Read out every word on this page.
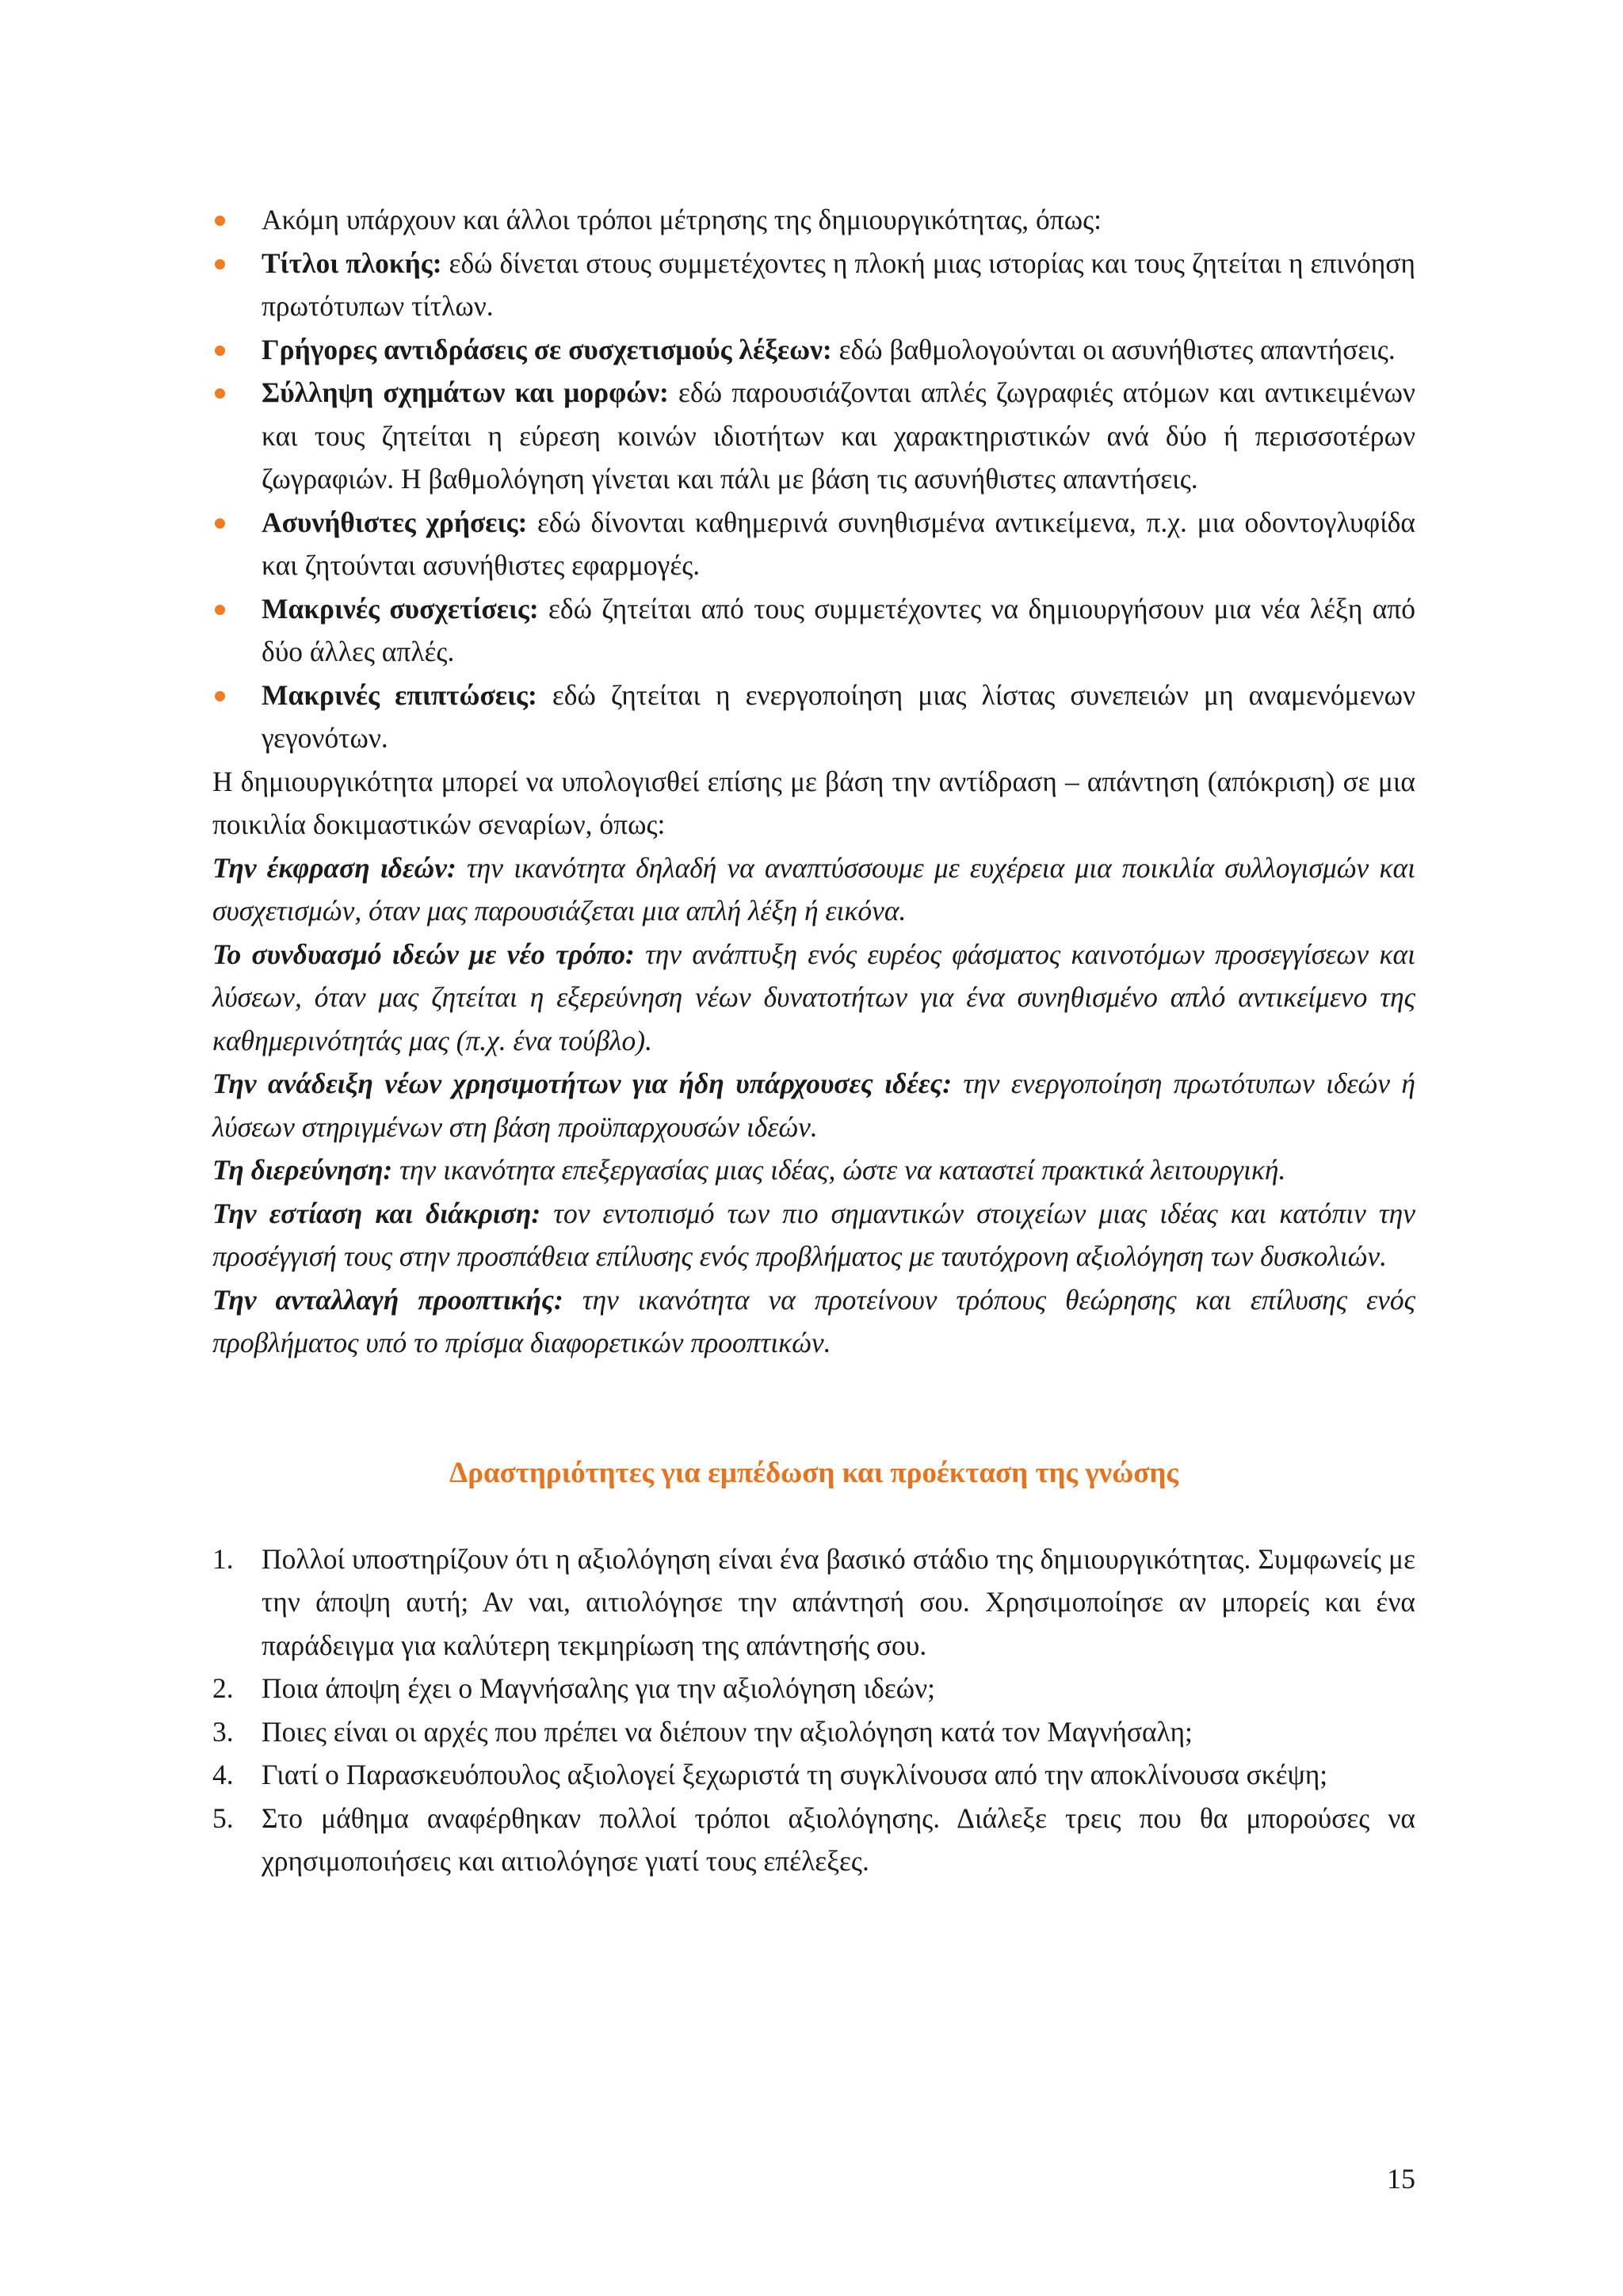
Ακόμη υπάρχουν και άλλοι τρόποι μέτρησης της δημιουργικότητας, όπως:
Τίτλοι πλοκής: εδώ δίνεται στους συμμετέχοντες η πλοκή μιας ιστορίας και τους ζητείται η επινόηση πρωτότυπων τίτλων.
Γρήγορες αντιδράσεις σε συσχετισμούς λέξεων: εδώ βαθμολογούνται οι ασυνήθιστες απαντήσεις.
Σύλληψη σχημάτων και μορφών: εδώ παρουσιάζονται απλές ζωγραφιές ατόμων και αντικειμένων και τους ζητείται η εύρεση κοινών ιδιοτήτων και χαρακτηριστικών ανά δύο ή περισσοτέρων ζωγραφιών. Η βαθμολόγηση γίνεται και πάλι με βάση τις ασυνήθιστες απαντήσεις.
Ασυνήθιστες χρήσεις: εδώ δίνονται καθημερινά συνηθισμένα αντικείμενα, π.χ. μια οδοντογλυφίδα και ζητούνται ασυνήθιστες εφαρμογές.
Μακρινές συσχετίσεις: εδώ ζητείται από τους συμμετέχοντες να δημιουργήσουν μια νέα λέξη από δύο άλλες απλές.
Μακρινές επιπτώσεις: εδώ ζητείται η ενεργοποίηση μιας λίστας συνεπειών μη αναμενόμενων γεγονότων.

Η δημιουργικότητα μπορεί να υπολογισθεί επίσης με βάση την αντίδραση – απάντηση (απόκριση) σε μια ποικιλία δοκιμαστικών σεναρίων, όπως:

Την έκφραση ιδεών: την ικανότητα δηλαδή να αναπτύσσουμε με ευχέρεια μια ποικιλία συλλογισμών και συσχετισμών, όταν μας παρουσιάζεται μια απλή λέξη ή εικόνα.

Το συνδυασμό ιδεών με νέο τρόπο: την ανάπτυξη ενός ευρέος φάσματος καινοτόμων προσεγγίσεων και λύσεων, όταν μας ζητείται η εξερεύνηση νέων δυνατοτήτων για ένα συνηθισμένο απλό αντικείμενο της καθημερινότητάς μας (π.χ. ένα τούβλο).

Την ανάδειξη νέων χρησιμοτήτων για ήδη υπάρχουσες ιδέες: την ενεργοποίηση πρωτότυπων ιδεών ή λύσεων στηριγμένων στη βάση προϋπαρχουσών ιδεών.

Τη διερεύνηση: την ικανότητα επεξεργασίας μιας ιδέας, ώστε να καταστεί πρακτικά λειτουργική.

Την εστίαση και διάκριση: τον εντοπισμό των πιο σημαντικών στοιχείων μιας ιδέας και κατόπιν την προσέγγισή τους στην προσπάθεια επίλυσης ενός προβλήματος με ταυτόχρονη αξιολόγηση των δυσκολιών.

Την ανταλλαγή προοπτικής: την ικανότητα να προτείνουν τρόπους θεώρησης και επίλυσης ενός προβλήματος υπό το πρίσμα διαφορετικών προοπτικών.

Δραστηριότητες για εμπέδωση και προέκταση της γνώσης
1. Πολλοί υποστηρίζουν ότι η αξιολόγηση είναι ένα βασικό στάδιο της δημιουργικότητας. Συμφωνείς με την άποψη αυτή; Αν ναι, αιτιολόγησε την απάντησή σου. Χρησιμοποίησε αν μπορείς και ένα παράδειγμα για καλύτερη τεκμηρίωση της απάντησής σου.
2. Ποια άποψη έχει ο Μαγνήσαλης για την αξιολόγηση ιδεών;
3. Ποιες είναι οι αρχές που πρέπει να διέπουν την αξιολόγηση κατά τον Μαγνήσαλη;
4. Γιατί ο Παρασκευόπουλος αξιολογεί ξεχωριστά τη συγκλίνουσα από την αποκλίνουσα σκέψη;
5. Στο μάθημα αναφέρθηκαν πολλοί τρόποι αξιολόγησης. Διάλεξε τρεις που θα μπορούσες να χρησιμοποιήσεις και αιτιολόγησε γιατί τους επέλεξες.
15
